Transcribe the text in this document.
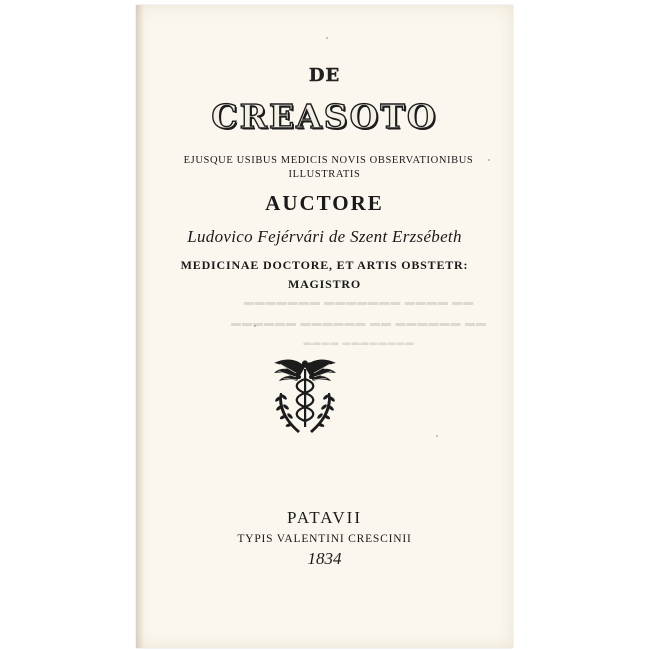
DE
CREASOTO
EJUSQUE USIBUS MEDICIS NOVIS OBSERVATIONIBUS
ILLUSTRATIS
AUCTORE
Ludovico Fejérvári de Szent Erzsébeth
MEDICINAE DOCTORE, ET ARTIS OBSTETR:
MAGISTRO
▬▬ ▬▬▬▬ ▬▬▬▬▬▬▬ ▬▬▬▬▬▬▬
▬▬ ▬▬▬▬▬▬ ▬▬ ▬▬▬▬▬▬ ▬▬▬▬▬▬
▬▬▬▬▬▬▬▬ ▬▬▬▬
PATAVII
TYPIS VALENTINI CRESCINII
1834
